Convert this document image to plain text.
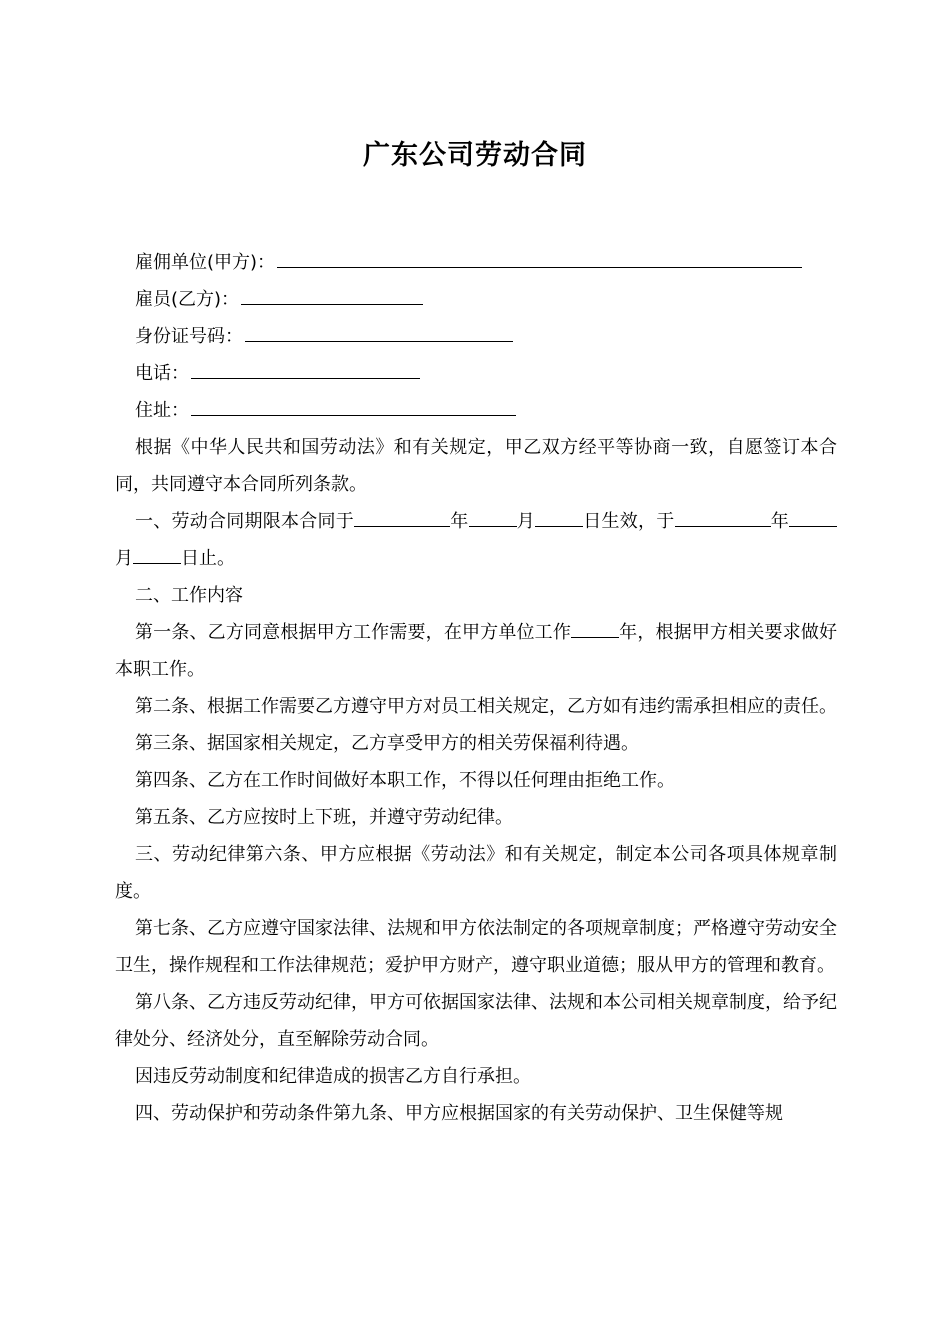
广东公司劳动合同
雇佣单位(甲方)：
雇员(乙方)：
身份证号码：
电话：
住址：

根据《中华人民共和国劳动法》和有关规定，甲乙双方经平等协商一致，自愿签订本合同，共同遵守本合同所列条款。

一、劳动合同期限本合同于	年	月	日生效，于	年月	日止。

二、工作内容

第一条、乙方同意根据甲方工作需要，在甲方单位工作	年，根据甲方相关要求做好本职工作。

第二条、根据工作需要乙方遵守甲方对员工相关规定，乙方如有违约需承担相应的责任。

第三条、据国家相关规定，乙方享受甲方的相关劳保福利待遇。

第四条、乙方在工作时间做好本职工作，不得以任何理由拒绝工作。

第五条、乙方应按时上下班，并遵守劳动纪律。

三、劳动纪律第六条、甲方应根据《劳动法》和有关规定，制定本公司各项具体规章制度。

第七条、乙方应遵守国家法律、法规和甲方依法制定的各项规章制度；严格遵守劳动安全卫生，操作规程和工作法律规范；爱护甲方财产，遵守职业道德；服从甲方的管理和教育。

第八条、乙方违反劳动纪律，甲方可依据国家法律、法规和本公司相关规章制度，给予纪律处分、经济处分，直至解除劳动合同。

因违反劳动制度和纪律造成的损害乙方自行承担。

四、劳动保护和劳动条件第九条、甲方应根据国家的有关劳动保护、卫生保健等规
